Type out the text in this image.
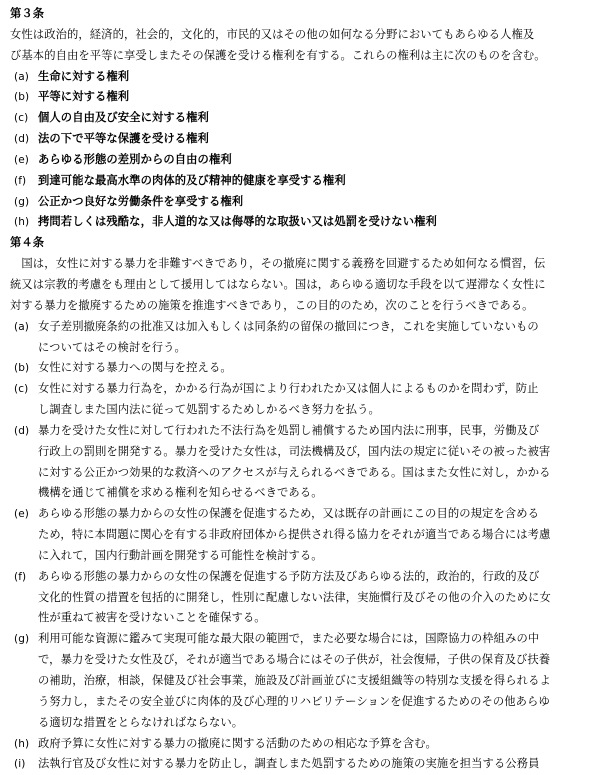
第３条
女性は政治的，経済的，社会的，文化的，市民的又はその他の如何なる分野においてもあらゆる人権及
び基本的自由を平等に享受しまたその保護を受ける権利を有する。これらの権利は主に次のものを含む。
(a) 生命に対する権利
(b) 平等に対する権利
(c) 個人の自由及び安全に対する権利
(d) 法の下で平等な保護を受ける権利
(e) あらゆる形態の差別からの自由の権利
(f) 到達可能な最高水準の肉体的及び精神的健康を享受する権利
(g) 公正かつ良好な労働条件を享受する権利
(h) 拷問若しくは残酷な，非人道的な又は侮辱的な取扱い又は処罰を受けない権利
第４条
　国は，女性に対する暴力を非難すべきであり，その撤廃に関する義務を回避するため如何なる慣習，伝
統又は宗教的考慮をも理由として援用してはならない。国は，あらゆる適切な手段を以て遅滞なく女性に
対する暴力を撤廃するための施策を推進すべきであり，この目的のため，次のことを行うべきである。
(a) 女子差別撤廃条約の批准又は加入もしくは同条約の留保の撤回につき，これを実施していないもの
についてはその検討を行う。
(b) 女性に対する暴力への関与を控える。
(c) 女性に対する暴力行為を，かかる行為が国により行われたか又は個人によるものかを問わず，防止
し調査しまた国内法に従って処罰するためしかるべき努力を払う。
(d) 暴力を受けた女性に対して行われた不法行為を処罰し補償するため国内法に刑事，民事，労働及び
行政上の罰則を開発する。暴力を受けた女性は，司法機構及び，国内法の規定に従いその被った被害
に対する公正かつ効果的な救済へのアクセスが与えられるべきである。国はまた女性に対し，かかる
機構を通じて補償を求める権利を知らせるべきである。
(e) あらゆる形態の暴力からの女性の保護を促進するため，又は既存の計画にこの目的の規定を含める
ため，特に本問題に関心を有する非政府団体から提供され得る協力をそれが適当である場合には考慮
に入れて，国内行動計画を開発する可能性を検討する。
(f) あらゆる形態の暴力からの女性の保護を促進する予防方法及びあらゆる法的，政治的，行政的及び
文化的性質の措置を包括的に開発し，性別に配慮しない法律，実施慣行及びその他の介入のために女
性が重ねて被害を受けないことを確保する。
(g) 利用可能な資源に鑑みて実現可能な最大限の範囲で，また必要な場合には，国際協力の枠組みの中
で，暴力を受けた女性及び，それが適当である場合にはその子供が，社会復帰，子供の保育及び扶養
の補助，治療，相談，保健及び社会事業，施設及び計画並びに支援組織等の特別な支援を得られるよ
う努力し，またその安全並びに肉体的及び心理的リハビリテーションを促進するためのその他あらゆ
る適切な措置をとらなければならない。
(h) 政府予算に女性に対する暴力の撤廃に関する活動のための相応な予算を含む。
(i) 法執行官及び女性に対する暴力を防止し，調査しまた処罰するための施策の実施を担当する公務員
